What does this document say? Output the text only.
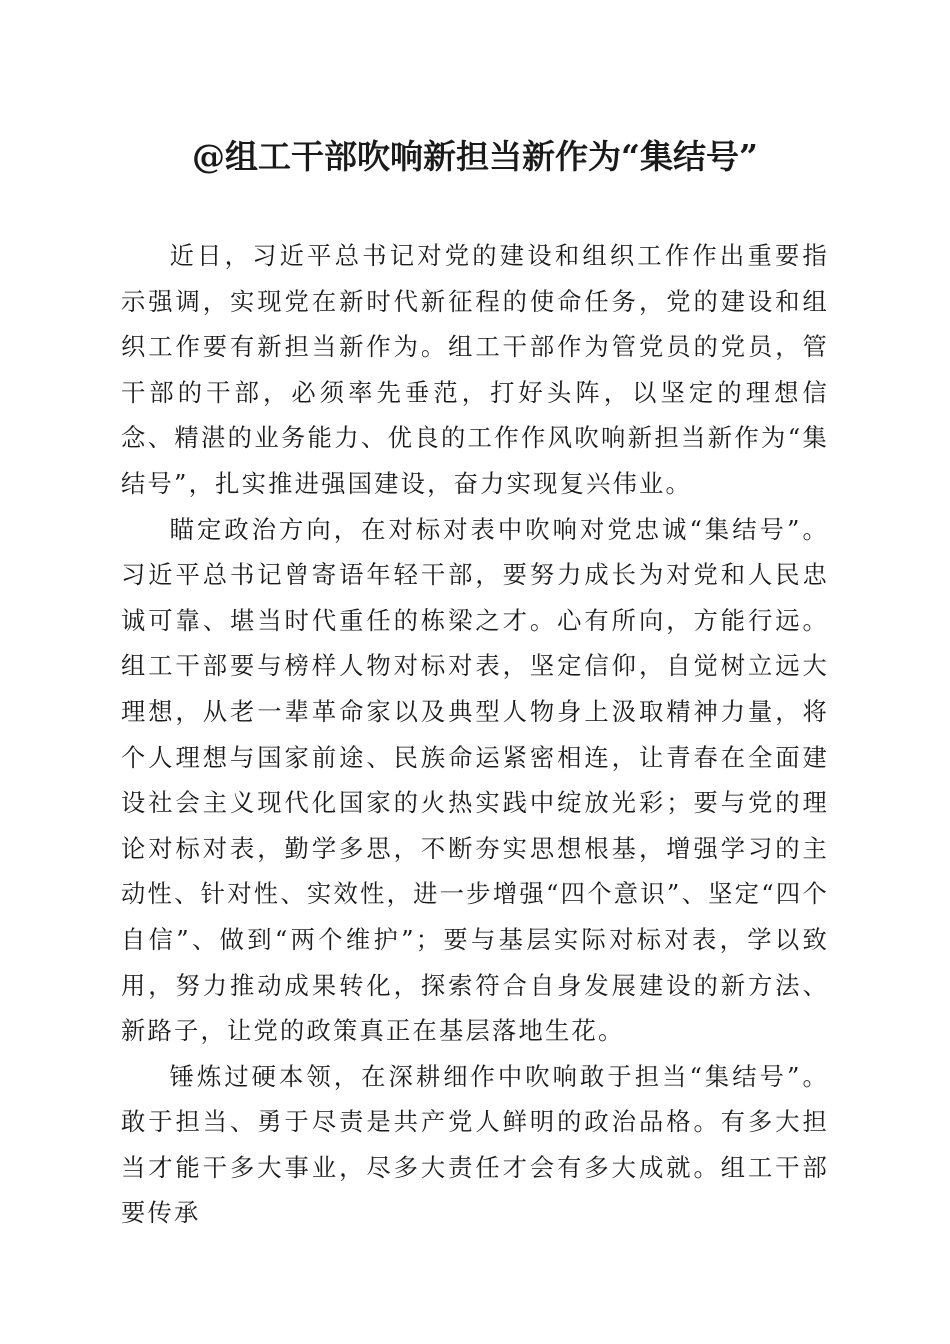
@组工干部吹响新担当新作为“集结号”

近日，习近平总书记对党的建设和组织工作作出重要指示强调，实现党在新时代新征程的使命任务，党的建设和组织工作要有新担当新作为。组工干部作为管党员的党员，管干部的干部，必须率先垂范，打好头阵，以坚定的理想信念、精湛的业务能力、优良的工作作风吹响新担当新作为“集结号”，扎实推进强国建设，奋力实现复兴伟业。

瞄定政治方向，在对标对表中吹响对党忠诚“集结号”。习近平总书记曾寄语年轻干部，要努力成长为对党和人民忠诚可靠、堪当时代重任的栋梁之才。心有所向，方能行远。组工干部要与榜样人物对标对表，坚定信仰，自觉树立远大理想，从老一辈革命家以及典型人物身上汲取精神力量，将个人理想与国家前途、民族命运紧密相连，让青春在全面建设社会主义现代化国家的火热实践中绽放光彩；要与党的理论对标对表，勤学多思，不断夯实思想根基，增强学习的主动性、针对性、实效性，进一步增强“四个意识”、坚定“四个自信”、做到“两个维护”；要与基层实际对标对表，学以致用，努力推动成果转化，探索符合自身发展建设的新方法、新路子，让党的政策真正在基层落地生花。

锤炼过硬本领，在深耕细作中吹响敢于担当“集结号”。敢于担当、勇于尽责是共产党人鲜明的政治品格。有多大担当才能干多大事业，尽多大责任才会有多大成就。组工干部要传承
